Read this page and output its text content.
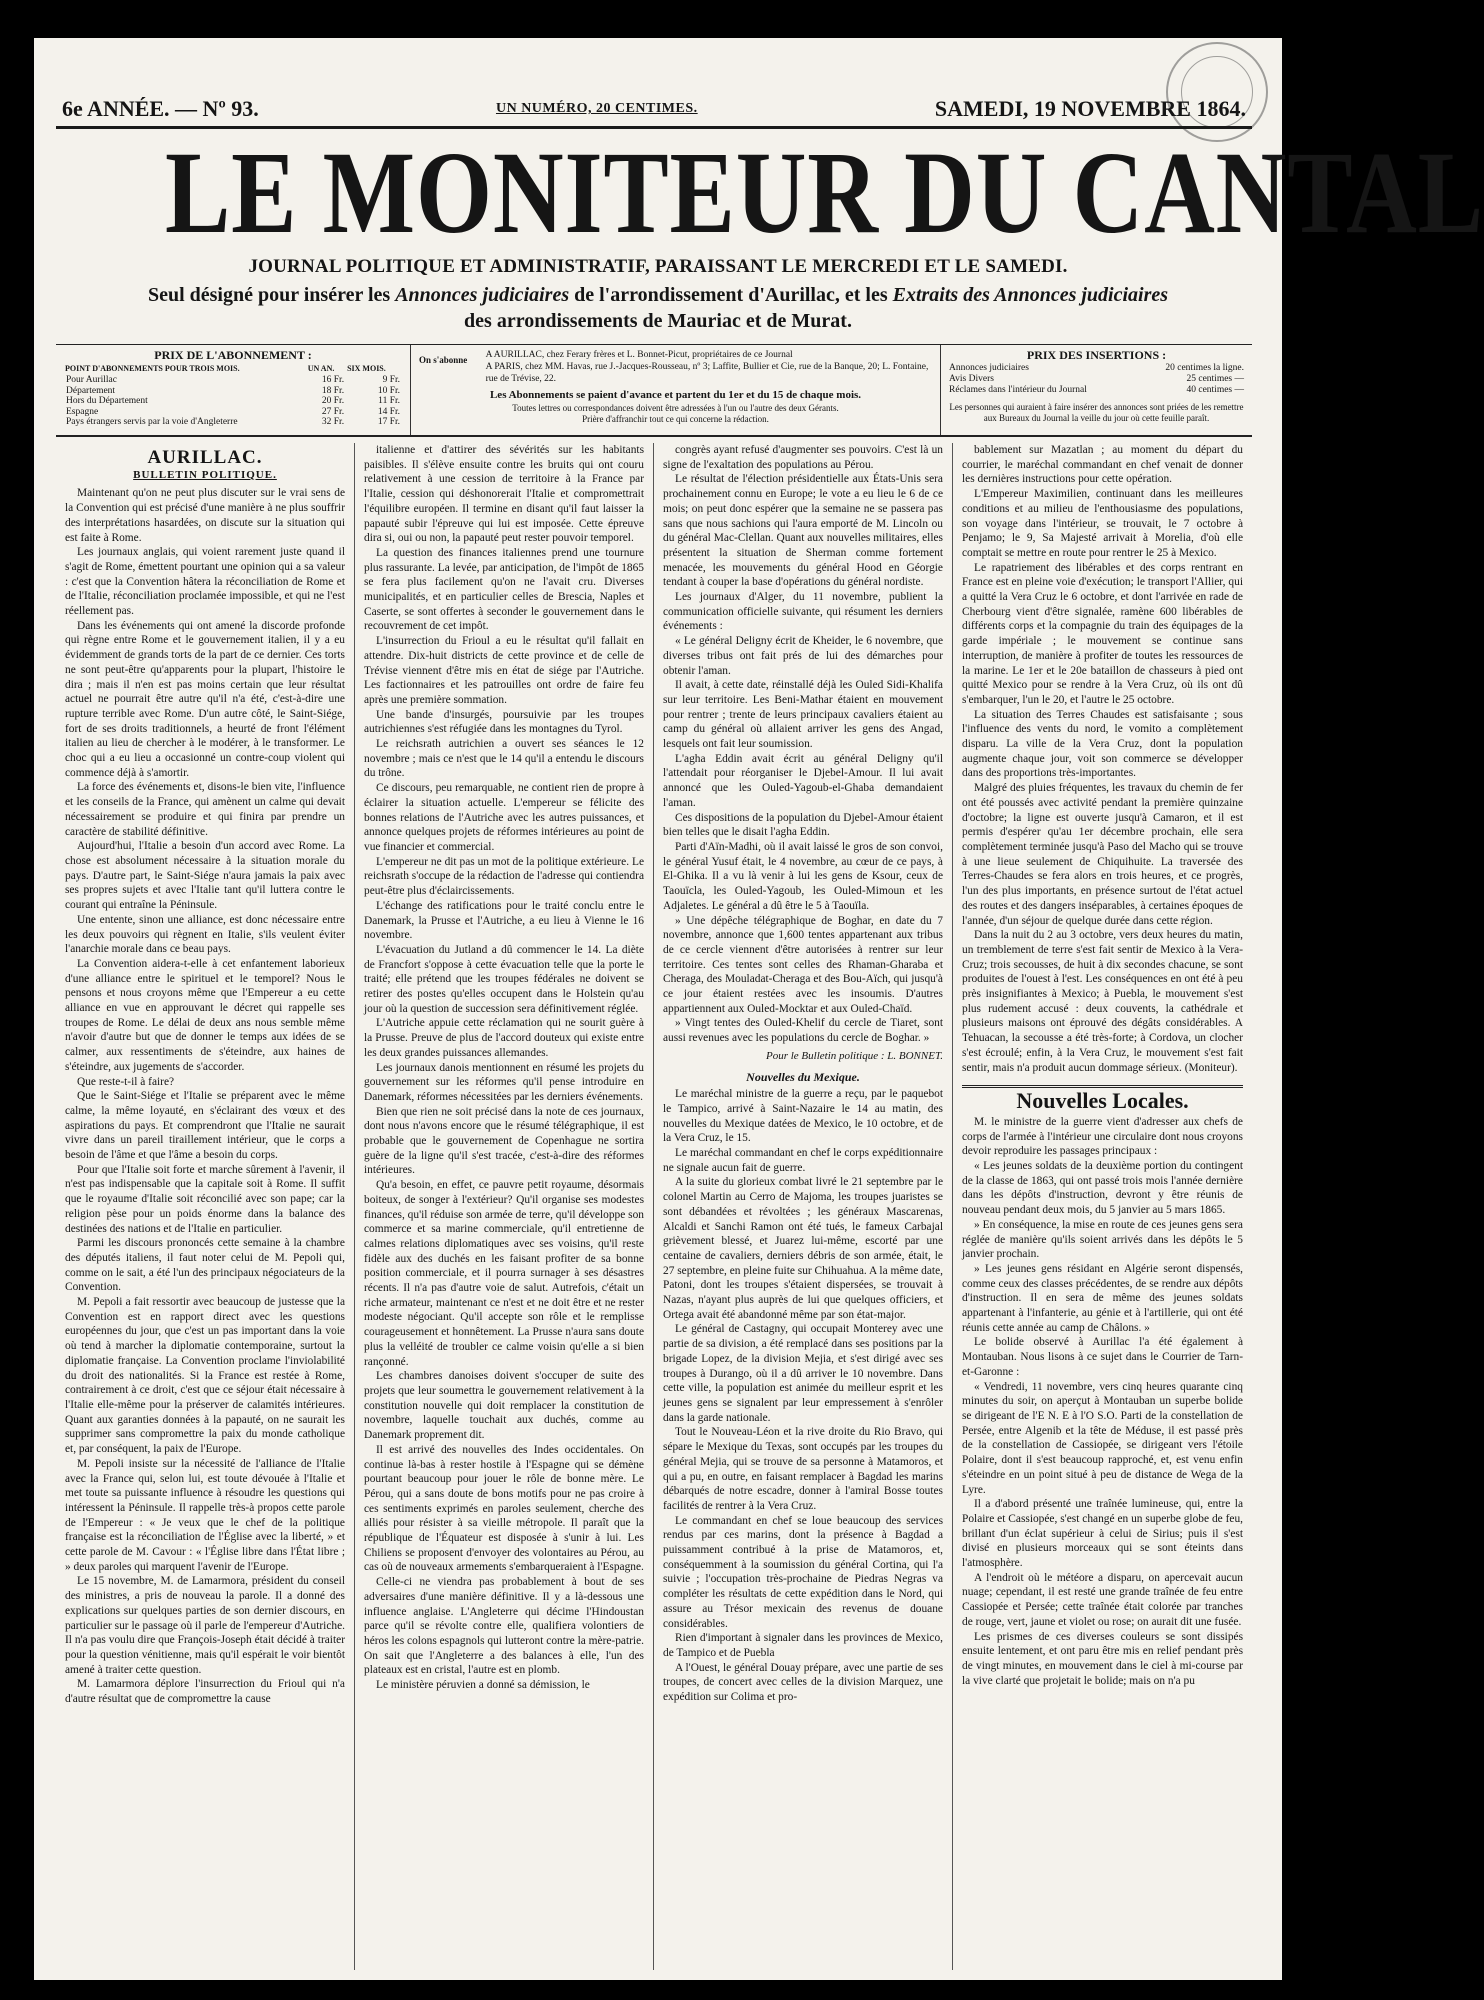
6e ANNÉE. — Nº 93.	UN NUMÉRO, 20 CENTIMES.	SAMEDI, 19 NOVEMBRE 1864.
LE MONITEUR DU CANTAL
JOURNAL POLITIQUE ET ADMINISTRATIF, PARAISSANT LE MERCREDI ET LE SAMEDI.
Seul désigné pour insérer les Annonces judiciaires de l'arrondissement d'Aurillac, et les Extraits des Annonces judiciaires
des arrondissements de Mauriac et de Murat.
PRIX DE L'ABONNEMENT :
POINT D'ABONNEMENTS POUR TROIS MOIS.	UN AN.	SIX MOIS.
Pour Aurillac	16 Fr.	9 Fr.
Département	18 Fr.	10 Fr.
Hors du Département	20 Fr.	11 Fr.
Espagne	27 Fr.	14 Fr.
Pays étrangers servis par la voie d'Angleterre	32 Fr.	17 Fr.
On s'abonne	A AURILLAC, chez Ferary frères et L. Bonnet-Picut, propriétaires de ce Journal
A PARIS, chez MM. Havas, rue J.-Jacques-Rousseau, nº 3; Laffite, Bullier et Cie, rue de la Banque, 20; L. Fontaine, rue de Trévise, 22.
Les Abonnements se paient d'avance et partent du 1er et du 15 de chaque mois.
Toutes lettres ou correspondances doivent être adressées à l'un ou l'autre des deux Gérants.
Prière d'affranchir tout ce qui concerne la rédaction.
PRIX DES INSERTIONS :
Annonces judiciaires	20 centimes la ligne.
Avis Divers	25 centimes —
Réclames dans l'intérieur du Journal	40 centimes —
Les personnes qui auraient à faire insérer des annonces sont priées de les remettre aux Bureaux du Journal la veille du jour où cette feuille paraît.
AURILLAC.
BULLETIN POLITIQUE.

Maintenant qu'on ne peut plus discuter sur le vrai sens de la Convention qui est précisé d'une manière à ne plus souffrir des interprétations hasardées, on discute sur la situation qui est faite à Rome.

Les journaux anglais, qui voient rarement juste quand il s'agit de Rome, émettent pourtant une opinion qui a sa valeur : c'est que la Convention hâtera la réconciliation de Rome et de l'Italie, réconciliation proclamée impossible, et qui ne l'est réellement pas.

Dans les événements qui ont amené la discorde profonde qui règne entre Rome et le gouvernement italien, il y a eu évidemment de grands torts de la part de ce dernier. Ces torts ne sont peut-être qu'apparents pour la plupart, l'histoire le dira ; mais il n'en est pas moins certain que leur résultat actuel ne pourrait être autre qu'il n'a été, c'est-à-dire une rupture terrible avec Rome. D'un autre côté, le Saint-Siége, fort de ses droits traditionnels, a heurté de front l'élément italien au lieu de chercher à le modérer, à le transformer. Le choc qui a eu lieu a occasionné un contre-coup violent qui commence déjà à s'amortir.

La force des événements et, disons-le bien vite, l'influence et les conseils de la France, qui amènent un calme qui devait nécessairement se produire et qui finira par prendre un caractère de stabilité définitive.

Aujourd'hui, l'Italie a besoin d'un accord avec Rome. La chose est absolument nécessaire à la situation morale du pays. D'autre part, le Saint-Siége n'aura jamais la paix avec ses propres sujets et avec l'Italie tant qu'il luttera contre le courant qui entraîne la Péninsule.

Une entente, sinon une alliance, est donc nécessaire entre les deux pouvoirs qui règnent en Italie, s'ils veulent éviter l'anarchie morale dans ce beau pays.

La Convention aidera-t-elle à cet enfantement laborieux d'une alliance entre le spirituel et le temporel? Nous le pensons et nous croyons même que l'Empereur a eu cette alliance en vue en approuvant le décret qui rappelle ses troupes de Rome. Le délai de deux ans nous semble même n'avoir d'autre but que de donner le temps aux idées de se calmer, aux ressentiments de s'éteindre, aux haines de s'éteindre, aux jugements de s'accorder.

Que reste-t-il à faire?

Que le Saint-Siége et l'Italie se préparent avec le même calme, la même loyauté, en s'éclairant des vœux et des aspirations du pays. Et comprendront que l'Italie ne saurait vivre dans un pareil tiraillement intérieur, que le corps a besoin de l'âme et que l'âme a besoin du corps.

Pour que l'Italie soit forte et marche sûrement à l'avenir, il n'est pas indispensable que la capitale soit à Rome. Il suffit que le royaume d'Italie soit réconcilié avec son pape; car la religion pèse pour un poids énorme dans la balance des destinées des nations et de l'Italie en particulier.

Parmi les discours prononcés cette semaine à la chambre des députés italiens, il faut noter celui de M. Pepoli qui, comme on le sait, a été l'un des principaux négociateurs de la Convention.

M. Pepoli a fait ressortir avec beaucoup de justesse que la Convention est en rapport direct avec les questions européennes du jour, que c'est un pas important dans la voie où tend à marcher la diplomatie contemporaine, surtout la diplomatie française. La Convention proclame l'inviolabilité du droit des nationalités. Si la France est restée à Rome, contrairement à ce droit, c'est que ce séjour était nécessaire à l'Italie elle-même pour la préserver de calamités intérieures. Quant aux garanties données à la papauté, on ne saurait les supprimer sans compromettre la paix du monde catholique et, par conséquent, la paix de l'Europe.

M. Pepoli insiste sur la nécessité de l'alliance de l'Italie avec la France qui, selon lui, est toute dévouée à l'Italie et met toute sa puissante influence à résoudre les questions qui intéressent la Péninsule. Il rappelle très-à propos cette parole de l'Empereur : « Je veux que le chef de la politique française est la réconciliation de l'Église avec la liberté, » et cette parole de M. Cavour : « l'Église libre dans l'État libre ; » deux paroles qui marquent l'avenir de l'Europe.

Le 15 novembre, M. de Lamarmora, président du conseil des ministres, a pris de nouveau la parole. Il a donné des explications sur quelques parties de son dernier discours, en particulier sur le passage où il parle de l'empereur d'Autriche. Il n'a pas voulu dire que François-Joseph était décidé à traiter pour la question vénitienne, mais qu'il espérait le voir bientôt amené à traiter cette question.

M. Lamarmora déplore l'insurrection du Frioul qui n'a d'autre résultat que de compromettre la cause

italienne et d'attirer des sévérités sur les habitants paisibles. Il s'élève ensuite contre les bruits qui ont couru relativement à une cession de territoire à la France par l'Italie, cession qui déshonorerait l'Italie et compromettrait l'équilibre européen. Il termine en disant qu'il faut laisser la papauté subir l'épreuve qui lui est imposée. Cette épreuve dira si, oui ou non, la papauté peut rester pouvoir temporel.

La question des finances italiennes prend une tournure plus rassurante. La levée, par anticipation, de l'impôt de 1865 se fera plus facilement qu'on ne l'avait cru. Diverses municipalités, et en particulier celles de Brescia, Naples et Caserte, se sont offertes à seconder le gouvernement dans le recouvrement de cet impôt.

L'insurrection du Frioul a eu le résultat qu'il fallait en attendre. Dix-huit districts de cette province et de celle de Trévise viennent d'être mis en état de siége par l'Autriche. Les factionnaires et les patrouilles ont ordre de faire feu après une première sommation.

Une bande d'insurgés, poursuivie par les troupes autrichiennes s'est réfugiée dans les montagnes du Tyrol.

Le reichsrath autrichien a ouvert ses séances le 12 novembre ; mais ce n'est que le 14 qu'il a entendu le discours du trône.

Ce discours, peu remarquable, ne contient rien de propre à éclairer la situation actuelle. L'empereur se félicite des bonnes relations de l'Autriche avec les autres puissances, et annonce quelques projets de réformes intérieures au point de vue financier et commercial.

L'empereur ne dit pas un mot de la politique extérieure. Le reichsrath s'occupe de la rédaction de l'adresse qui contiendra peut-être plus d'éclaircissements.

L'échange des ratifications pour le traité conclu entre le Danemark, la Prusse et l'Autriche, a eu lieu à Vienne le 16 novembre.

L'évacuation du Jutland a dû commencer le 14. La diète de Francfort s'oppose à cette évacuation telle que la porte le traité; elle prétend que les troupes fédérales ne doivent se retirer des postes qu'elles occupent dans le Holstein qu'au jour où la question de succession sera définitivement réglée.

L'Autriche appuie cette réclamation qui ne sourit guère à la Prusse. Preuve de plus de l'accord douteux qui existe entre les deux grandes puissances allemandes.

Les journaux danois mentionnent en résumé les projets du gouvernement sur les réformes qu'il pense introduire en Danemark, réformes nécessitées par les derniers événements.

Bien que rien ne soit précisé dans la note de ces journaux, dont nous n'avons encore que le résumé télégraphique, il est probable que le gouvernement de Copenhague ne sortira guère de la ligne qu'il s'est tracée, c'est-à-dire des réformes intérieures.

Qu'a besoin, en effet, ce pauvre petit royaume, désormais boiteux, de songer à l'extérieur? Qu'il organise ses modestes finances, qu'il réduise son armée de terre, qu'il développe son commerce et sa marine commerciale, qu'il entretienne de calmes relations diplomatiques avec ses voisins, qu'il reste fidèle aux des duchés en les faisant profiter de sa bonne position commerciale, et il pourra surnager à ses désastres récents. Il n'a pas d'autre voie de salut. Autrefois, c'était un riche armateur, maintenant ce n'est et ne doit être et ne rester modeste négociant. Qu'il accepte son rôle et le remplisse courageusement et honnêtement. La Prusse n'aura sans doute plus la velléité de troubler ce calme voisin qu'elle a si bien rançonné.

Les chambres danoises doivent s'occuper de suite des projets que leur soumettra le gouvernement relativement à la constitution nouvelle qui doit remplacer la constitution de novembre, laquelle touchait aux duchés, comme au Danemark proprement dit.

Il est arrivé des nouvelles des Indes occidentales. On continue là-bas à rester hostile à l'Espagne qui se démène pourtant beaucoup pour jouer le rôle de bonne mère. Le Pérou, qui a sans doute de bons motifs pour ne pas croire à ces sentiments exprimés en paroles seulement, cherche des alliés pour résister à sa vieille métropole. Il paraît que la république de l'Équateur est disposée à s'unir à lui. Les Chiliens se proposent d'envoyer des volontaires au Pérou, au cas où de nouveaux armements s'embarqueraient à l'Espagne.

Celle-ci ne viendra pas probablement à bout de ses adversaires d'une manière définitive. Il y a là-dessous une influence anglaise. L'Angleterre qui décime l'Hindoustan parce qu'il se révolte contre elle, qualifiera volontiers de héros les colons espagnols qui lutteront contre la mère-patrie. On sait que l'Angleterre a des balances à elle, l'un des plateaux est en cristal, l'autre est en plomb.

Le ministère péruvien a donné sa démission, le

congrès ayant refusé d'augmenter ses pouvoirs. C'est là un signe de l'exaltation des populations au Pérou.

Le résultat de l'élection présidentielle aux États-Unis sera prochainement connu en Europe; le vote a eu lieu le 6 de ce mois; on peut donc espérer que la semaine ne se passera pas sans que nous sachions qui l'aura emporté de M. Lincoln ou du général Mac-Clellan. Quant aux nouvelles militaires, elles présentent la situation de Sherman comme fortement menacée, les mouvements du général Hood en Géorgie tendant à couper la base d'opérations du général nordiste.

Les journaux d'Alger, du 11 novembre, publient la communication officielle suivante, qui résument les derniers événements :

« Le général Deligny écrit de Kheider, le 6 novembre, que diverses tribus ont fait prés de lui des démarches pour obtenir l'aman.

Il avait, à cette date, réinstallé déjà les Ouled Sidi-Khalifa sur leur territoire. Les Beni-Mathar étaient en mouvement pour rentrer ; trente de leurs principaux cavaliers étaient au camp du général où allaient arriver les gens des Angad, lesquels ont fait leur soumission.

L'agha Eddin avait écrit au général Deligny qu'il l'attendait pour réorganiser le Djebel-Amour. Il lui avait annoncé que les Ouled-Yagoub-el-Ghaba demandaient l'aman.

Ces dispositions de la population du Djebel-Amour étaient bien telles que le disait l'agha Eddin.

Parti d'Aïn-Madhi, où il avait laissé le gros de son convoi, le général Yusuf était, le 4 novembre, au cœur de ce pays, à El-Ghika. Il a vu là venir à lui les gens de Ksour, ceux de Taouïcla, les Ouled-Yagoub, les Ouled-Mimoun et les Adjaletes. Le général a dû être le 5 à Taouïla.

» Une dépêche télégraphique de Boghar, en date du 7 novembre, annonce que 1,600 tentes appartenant aux tribus de ce cercle viennent d'être autorisées à rentrer sur leur territoire. Ces tentes sont celles des Rhaman-Gharaba et Cheraga, des Mouladat-Cheraga et des Bou-Aïch, qui jusqu'à ce jour étaient restées avec les insoumis. D'autres appartiennent aux Ouled-Mocktar et aux Ouled-Chaïd.

» Vingt tentes des Ouled-Khelif du cercle de Tiaret, sont aussi revenues avec les populations du cercle de Boghar. »

Pour le Bulletin politique : L. BONNET.
Nouvelles du Mexique.

Le maréchal ministre de la guerre a reçu, par le paquebot le Tampico, arrivé à Saint-Nazaire le 14 au matin, des nouvelles du Mexique datées de Mexico, le 10 octobre, et de la Vera Cruz, le 15.

Le maréchal commandant en chef le corps expéditionnaire ne signale aucun fait de guerre.

A la suite du glorieux combat livré le 21 septembre par le colonel Martin au Cerro de Majoma, les troupes juaristes se sont débandées et révoltées ; les généraux Mascarenas, Alcaldi et Sanchi Ramon ont été tués, le fameux Carbajal grièvement blessé, et Juarez lui-même, escorté par une centaine de cavaliers, derniers débris de son armée, était, le 27 septembre, en pleine fuite sur Chihuahua. A la même date, Patoni, dont les troupes s'étaient dispersées, se trouvait à Nazas, n'ayant plus auprès de lui que quelques officiers, et Ortega avait été abandonné même par son état-major.

Le général de Castagny, qui occupait Monterey avec une partie de sa division, a été remplacé dans ses positions par la brigade Lopez, de la division Mejia, et s'est dirigé avec ses troupes à Durango, où il a dû arriver le 10 novembre. Dans cette ville, la population est animée du meilleur esprit et les jeunes gens se signalent par leur empressement à s'enrôler dans la garde nationale.

Tout le Nouveau-Léon et la rive droite du Rio Bravo, qui sépare le Mexique du Texas, sont occupés par les troupes du général Mejia, qui se trouve de sa personne à Matamoros, et qui a pu, en outre, en faisant remplacer à Bagdad les marins débarqués de notre escadre, donner à l'amiral Bosse toutes facilités de rentrer à la Vera Cruz.

Le commandant en chef se loue beaucoup des services rendus par ces marins, dont la présence à Bagdad a puissamment contribué à la prise de Matamoros, et, conséquemment à la soumission du général Cortina, qui l'a suivie ; l'occupation très-prochaine de Piedras Negras va compléter les résultats de cette expédition dans le Nord, qui assure au Trésor mexicain des revenus de douane considérables.

Rien d'important à signaler dans les provinces de Mexico, de Tampico et de Puebla

A l'Ouest, le général Douay prépare, avec une partie de ses troupes, de concert avec celles de la division Marquez, une expédition sur Colima et pro-

bablement sur Mazatlan ; au moment du départ du courrier, le maréchal commandant en chef venait de donner les dernières instructions pour cette opération.

L'Empereur Maximilien, continuant dans les meilleures conditions et au milieu de l'enthousiasme des populations, son voyage dans l'intérieur, se trouvait, le 7 octobre à Penjamo; le 9, Sa Majesté arrivait à Morelia, d'où elle comptait se mettre en route pour rentrer le 25 à Mexico.

Le rapatriement des libérables et des corps rentrant en France est en pleine voie d'exécution; le transport l'Allier, qui a quitté la Vera Cruz le 6 octobre, et dont l'arrivée en rade de Cherbourg vient d'être signalée, ramène 600 libérables de différents corps et la compagnie du train des équipages de la garde impériale ; le mouvement se continue sans interruption, de manière à profiter de toutes les ressources de la marine. Le 1er et le 20e bataillon de chasseurs à pied ont quitté Mexico pour se rendre à la Vera Cruz, où ils ont dû s'embarquer, l'un le 20, et l'autre le 25 octobre.

La situation des Terres Chaudes est satisfaisante ; sous l'influence des vents du nord, le vomito a complètement disparu. La ville de la Vera Cruz, dont la population augmente chaque jour, voit son commerce se développer dans des proportions très-importantes.

Malgré des pluies fréquentes, les travaux du chemin de fer ont été poussés avec activité pendant la première quinzaine d'octobre; la ligne est ouverte jusqu'à Camaron, et il est permis d'espérer qu'au 1er décembre prochain, elle sera complètement terminée jusqu'à Paso del Macho qui se trouve à une lieue seulement de Chiquihuite. La traversée des Terres-Chaudes se fera alors en trois heures, et ce progrès, l'un des plus importants, en présence surtout de l'état actuel des routes et des dangers inséparables, à certaines époques de l'année, d'un séjour de quelque durée dans cette région.

Dans la nuit du 2 au 3 octobre, vers deux heures du matin, un tremblement de terre s'est fait sentir de Mexico à la Vera-Cruz; trois secousses, de huit à dix secondes chacune, se sont produites de l'ouest à l'est. Les conséquences en ont été à peu près insignifiantes à Mexico; à Puebla, le mouvement s'est plus rudement accusé : deux couvents, la cathédrale et plusieurs maisons ont éprouvé des dégâts considérables. A Tehuacan, la secousse a été très-forte; à Cordova, un clocher s'est écroulé; enfin, à la Vera Cruz, le mouvement s'est fait sentir, mais n'a produit aucun dommage sérieux. (Moniteur).

Nouvelles Locales.

M. le ministre de la guerre vient d'adresser aux chefs de corps de l'armée à l'intérieur une circulaire dont nous croyons devoir reproduire les passages principaux :

« Les jeunes soldats de la deuxième portion du contingent de la classe de 1863, qui ont passé trois mois l'année dernière dans les dépôts d'instruction, devront y être réunis de nouveau pendant deux mois, du 5 janvier au 5 mars 1865.

» En conséquence, la mise en route de ces jeunes gens sera réglée de manière qu'ils soient arrivés dans les dépôts le 5 janvier prochain.

» Les jeunes gens résidant en Algérie seront dispensés, comme ceux des classes précédentes, de se rendre aux dépôts d'instruction. Il en sera de même des jeunes soldats appartenant à l'infanterie, au génie et à l'artillerie, qui ont été réunis cette année au camp de Châlons. »

Le bolide observé à Aurillac l'a été également à Montauban. Nous lisons à ce sujet dans le Courrier de Tarn-et-Garonne :

« Vendredi, 11 novembre, vers cinq heures quarante cinq minutes du soir, on aperçut à Montauban un superbe bolide se dirigeant de l'E N. E à l'O S.O. Parti de la constellation de Persée, entre Algenib et la tête de Méduse, il est passé près de la constellation de Cassiopée, se dirigeant vers l'étoile Polaire, dont il s'est beaucoup rapproché, et, est venu enfin s'éteindre en un point situé à peu de distance de Wega de la Lyre.

Il a d'abord présenté une traînée lumineuse, qui, entre la Polaire et Cassiopée, s'est changé en un superbe globe de feu, brillant d'un éclat supérieur à celui de Sirius; puis il s'est divisé en plusieurs morceaux qui se sont éteints dans l'atmosphère.

A l'endroit où le météore a disparu, on apercevait aucun nuage; cependant, il est resté une grande traînée de feu entre Cassiopée et Persée; cette traînée était colorée par tranches de rouge, vert, jaune et violet ou rose; on aurait dit une fusée.

Les prismes de ces diverses couleurs se sont dissipés ensuite lentement, et ont paru être mis en relief pendant près de vingt minutes, en mouvement dans le ciel à mi-course par la vive clarté que projetait le bolide; mais on n'a pu
